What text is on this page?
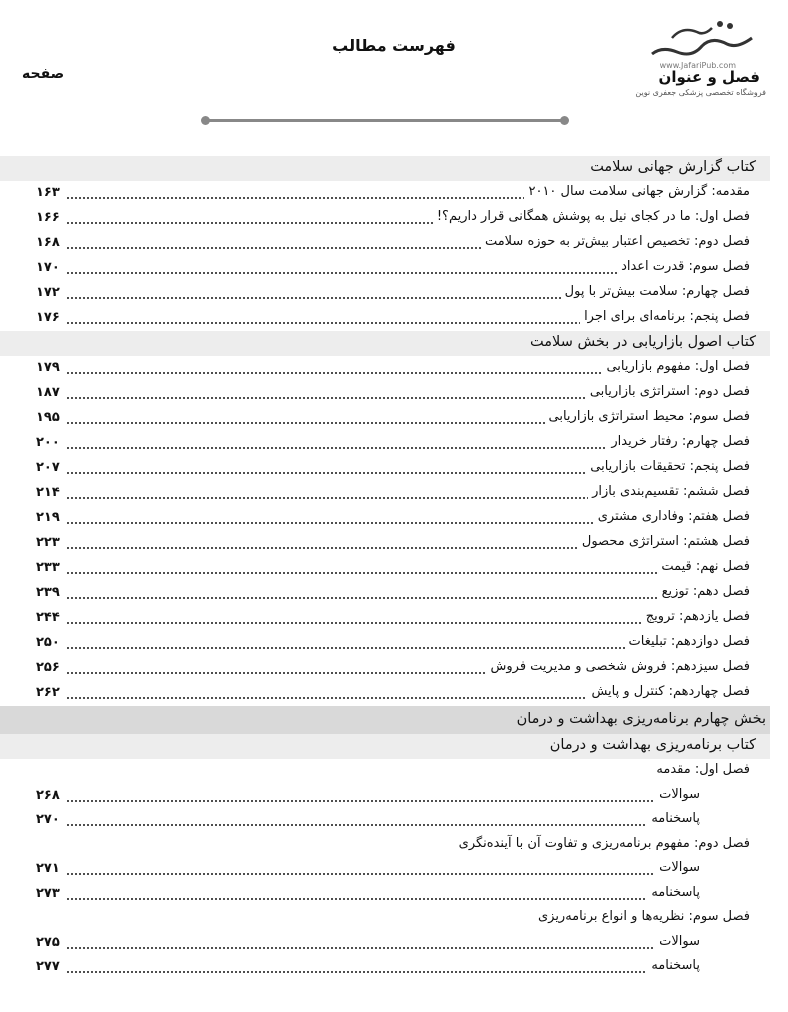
فهرست مطالب
صفحه
www.JafariPub.com
فصل و عنوان
فروشگاه تخصصی پزشکی جعفری نوین
کتاب گزارش جهانی سلامت
مقدمه: گزارش جهانی سلامت سال ۲۰۱۰
۱۶۳
فصل اول: ما در کجای نیل به پوشش همگانی قرار داریم؟!
۱۶۶
فصل دوم: تخصیص اعتبار بیش‌تر به حوزه سلامت
۱۶۸
فصل سوم: قدرت اعداد
۱۷۰
فصل چهارم: سلامت بیش‌تر با پول
۱۷۲
فصل پنجم: برنامه‌ای برای اجرا
۱۷۶
کتاب اصول بازاریابی در بخش سلامت
فصل اول: مفهوم بازاریابی
۱۷۹
فصل دوم: استراتژی بازاریابی
۱۸۷
فصل سوم: محیط استراتژی بازاریابی
۱۹۵
فصل چهارم: رفتار خریدار
۲۰۰
فصل پنجم: تحقیقات بازاریابی
۲۰۷
فصل ششم: تقسیم‌بندی بازار
۲۱۴
فصل هفتم: وفاداری مشتری
۲۱۹
فصل هشتم: استراتژی محصول
۲۲۳
فصل نهم: قیمت
۲۳۳
فصل دهم: توزیع
۲۳۹
فصل یازدهم: ترویج
۲۴۴
فصل دوازدهم: تبلیغات
۲۵۰
فصل سیزدهم: فروش شخصی و مدیریت فروش
۲۵۶
فصل چهاردهم: کنترل و پایش
۲۶۲
بخش چهارم برنامه‌ریزی بهداشت و درمان
کتاب برنامه‌ریزی بهداشت و درمان
فصل اول: مقدمه
سوالات
۲۶۸
پاسخنامه
۲۷۰
فصل دوم: مفهوم برنامه‌ریزی و تفاوت آن با آینده‌نگری
سوالات
۲۷۱
پاسخنامه
۲۷۳
فصل سوم: نظریه‌ها و انواع برنامه‌ریزی
سوالات
۲۷۵
پاسخنامه
۲۷۷
